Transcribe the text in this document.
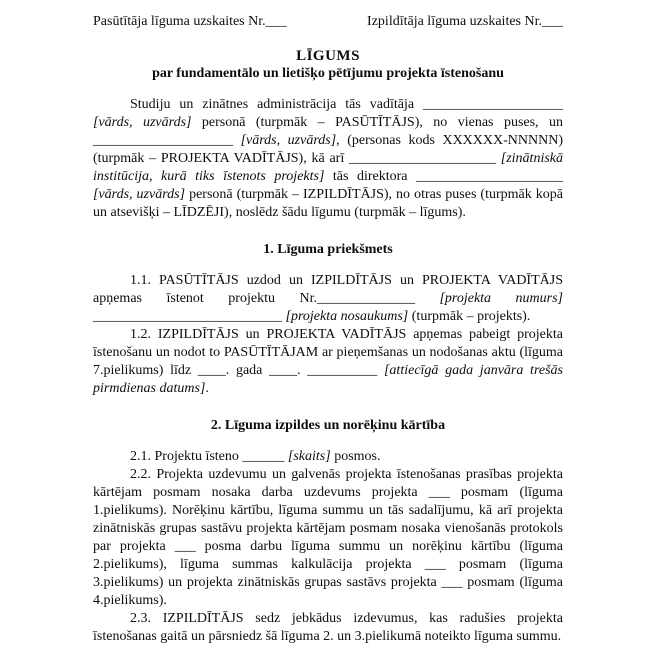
Pasūtītāja līguma uzskaites Nr.___	Izpildītāja līguma uzskaites Nr.___
LĪGUMS
par fundamentālo un lietišķo pētījumu projekta īstenošanu

Studiju un zinātnes administrācija tās vadītāja ____________________ [vārds, uzvārds] personā (turpmāk – PASŪTĪTĀJS), no vienas puses, un ____________________ [vārds, uzvārds], (personas kods XXXXXX-NNNNN) (turpmāk – PROJEKTA VADĪTĀJS), kā arī _____________________ [zinātniskā institūcija, kurā tiks īstenots projekts] tās direktora _____________________ [vārds, uzvārds] personā (turpmāk – IZPILDĪTĀJS), no otras puses (turpmāk kopā un atsevišķi – LĪDZĒJI), noslēdz šādu līgumu (turpmāk – līgums).

1. Līguma priekšmets

1.1. PASŪTĪTĀJS uzdod un IZPILDĪTĀJS un PROJEKTA VADĪTĀJS apņemas īstenot projektu Nr.______________ [projekta numurs] ___________________________ [projekta nosaukums] (turpmāk – projekts).

1.2. IZPILDĪTĀJS un PROJEKTA VADĪTĀJS apņemas pabeigt projekta īstenošanu un nodot to PASŪTĪTĀJAM ar pieņemšanas un nodošanas aktu (līguma 7.pielikums) līdz ____. gada ____. __________ [attiecīgā gada janvāra trešās pirmdienas datums].

2. Līguma izpildes un norēķinu kārtība

2.1. Projektu īsteno ______ [skaits] posmos.

2.2. Projekta uzdevumu un galvenās projekta īstenošanas prasības projekta kārtējam posmam nosaka darba uzdevums projekta ___ posmam (līguma 1.pielikums). Norēķinu kārtību, līguma summu un tās sadalījumu, kā arī projekta zinātniskās grupas sastāvu projekta kārtējam posmam nosaka vienošanās protokols par projekta ___ posma darbu līguma summu un norēķinu kārtību (līguma 2.pielikums), līguma summas kalkulācija projekta ___ posmam (līguma 3.pielikums) un projekta zinātniskās grupas sastāvs projekta ___ posmam (līguma 4.pielikums).

2.3. IZPILDĪTĀJS sedz jebkādus izdevumus, kas radušies projekta īstenošanas gaitā un pārsniedz šā līguma 2. un 3.pielikumā noteikto līguma summu.
